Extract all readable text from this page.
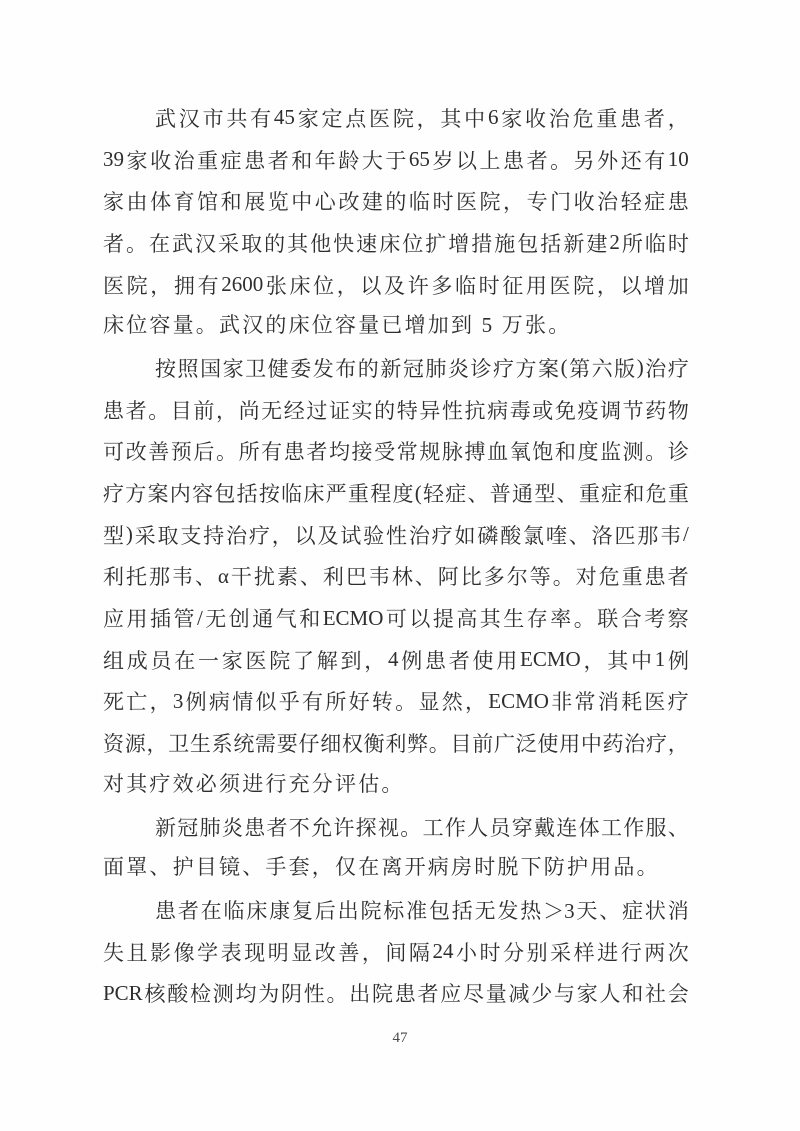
武 汉 市 共 有 45 家 定 点 医 院 ， 其 中 6 家 收 治 危 重 患 者 ，
39 家 收 治 重 症 患 者 和 年 龄 大 于 65 岁 以 上 患 者 。 另 外 还 有 10
家 由 体 育 馆 和 展 览 中 心 改 建 的 临 时 医 院 ， 专 门 收 治 轻 症 患
者 。 在 武 汉 采 取 的 其 他 快 速 床 位 扩 增 措 施 包 括 新 建 2 所 临 时
医 院 ， 拥 有 2600 张 床 位 ， 以 及 许 多 临 时 征 用 医 院 ， 以 增 加
床位容量。武汉的床位容量已增加到 5 万张。
按 照 国 家 卫 健 委 发 布 的 新 冠 肺 炎 诊 疗 方 案 ( 第 六 版 ) 治 疗
患 者 。 目 前 ， 尚 无 经 过 证 实 的 特 异 性 抗 病 毒 或 免 疫 调 节 药 物
可 改 善 预 后 。 所 有 患 者 均 接 受 常 规 脉 搏 血 氧 饱 和 度 监 测 。 诊
疗 方 案 内 容 包 括 按 临 床 严 重 程 度 ( 轻 症 、 普 通 型 、 重 症 和 危 重
型 ) 采 取 支 持 治 疗 ， 以 及 试 验 性 治 疗 如 磷 酸 氯 喹 、 洛 匹 那 韦 /
利 托 那 韦 、 α 干 扰 素 、 利 巴 韦 林 、 阿 比 多 尔 等 。 对 危 重 患 者
应 用 插 管 / 无 创 通 气 和 ECMO 可 以 提 高 其 生 存 率 。 联 合 考 察
组 成 员 在 一 家 医 院 了 解 到 ， 4 例 患 者 使 用 ECMO ， 其 中 1 例
死 亡 ， 3 例 病 情 似 乎 有 所 好 转 。 显 然 ， ECMO 非 常 消 耗 医 疗
资 源 ， 卫 生 系 统 需 要 仔 细 权 衡 利 弊 。 目 前 广 泛 使 用 中 药 治 疗 ，
对其疗效必须进行充分评估。
新 冠 肺 炎 患 者 不 允 许 探 视 。 工 作 人 员 穿 戴 连 体 工 作 服 、
面罩、护目镜、手套，仅在离开病房时脱下防护用品。
患 者 在 临 床 康 复 后 出 院 标 准 包 括 无 发 热 ＞3 天 、 症 状 消
失 且 影 像 学 表 现 明 显 改 善 ， 间 隔 24 小 时 分 别 采 样 进 行 两 次
PCR 核 酸 检 测 均 为 阴 性 。 出 院 患 者 应 尽 量 减 少 与 家 人 和 社 会
47
